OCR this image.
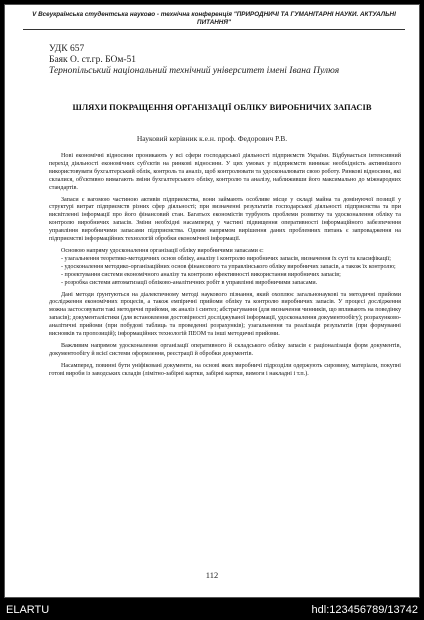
V Всеукраїнська студентська науково - технічна конференція "ПРИРОДНИЧІ ТА ГУМАНІТАРНІ НАУКИ. АКТУАЛЬНІ ПИТАННЯ"
УДК 657
Баяк О. ст.гр. БОм-51
Тернопільський національний технічний університет імені Івана Пулюя
ШЛЯХИ ПОКРАЩЕННЯ ОРГАНІЗАЦІЇ ОБЛІКУ ВИРОБНИЧИХ ЗАПАСІВ
Науковий керівник к.е.н. проф. Федорович Р.В.

Нові економічні відносини проникають у всі сфери господарської діяльності підприємств України. Відбувається інтенсивний перехід діяльності економічних суб'єктів на ринкові відносини. У цих умовах у підприємств виникає необхідність активнішого використовувати бухгалтерський облік, контроль та аналіз, щоб контролювати та удосконалювати свою роботу. Ринкові відносини, які склалися, об'єктивно вимагають зміни бухгалтерського обліку, контролю та аналізу, наближивши його максимально до міжнародних стандартів.

Запаси є вагомою частиною активів підприємства, вони займають особливе місце у складі майна та домінуючої позиції у структурі витрат підприємств різних сфер діяльності; при визначенні результатів господарської діяльності підприємства та при висвітленні інформації про його фінансовий стан. Багатьох економістів турбують проблеми розвитку та удосконалення обліку та контролю виробничих запасів. Зміни необхідні насамперед у частині підвищення оперативності інформаційного забезпечення управління виробничими запасами підприємства. Одним напрямом вирішення даних проблемних питань є запровадження на підприємстві інформаційних технологій обробки економічної інформації.

Основою напряму удосконалення організації обліку виробничими запасами є:

- узагальнення теоретико-методичних основ обліку, аналізу і контролю виробничих запасів, визначення їх суті та класифікації;

- удосконалення методико-організаційних основ фінансового та управлінського обліку виробничих запасів, а також їх контролю;

- проектування системи економічного аналізу та контролю ефективності використання виробничих запасів;

- розробка системи автоматизації обліково-аналітичних робіт в управлінні виробничими запасами.

Дані методи ґрунтуються на діалектичному методі наукового пізнання, який охоплює загальнонаукові та методичні прийоми дослідження економічних процесів, а також емпіричні прийоми обліку та контролю виробничих запасів. У процесі дослідження можна застосовувати такі методичні прийоми, як аналіз і синтез; абстрагування (для визначення чинників, що впливають на поведінку запасів); документалістики (для встановлення достовірності досліджуваної інформації, удосконалення документообігу); розрахунково-аналітичні прийоми (при побудові таблиць та проведенні розрахунків); узагальнення та реалізація результатів (при формуванні висновків та пропозицій); інформаційних технологій ПЕОМ та інші методичні прийоми.

Важливим напрямом удосконалення організації оперативного й складського обліку запасів є раціоналізація форм документів, документообігу й всієї системи оформлення, реєстрації й обробки документів.

Насамперед, повинні бути уніфіковані документи, на основі яких виробничі підрозділи одержують сировину, матеріали, покупні готові вироби із заводських складів (лімітно-забірні картки, забірні картки, вимоги і накладні і т.п.).

112
ELARTU	hdl:123456789/13742
